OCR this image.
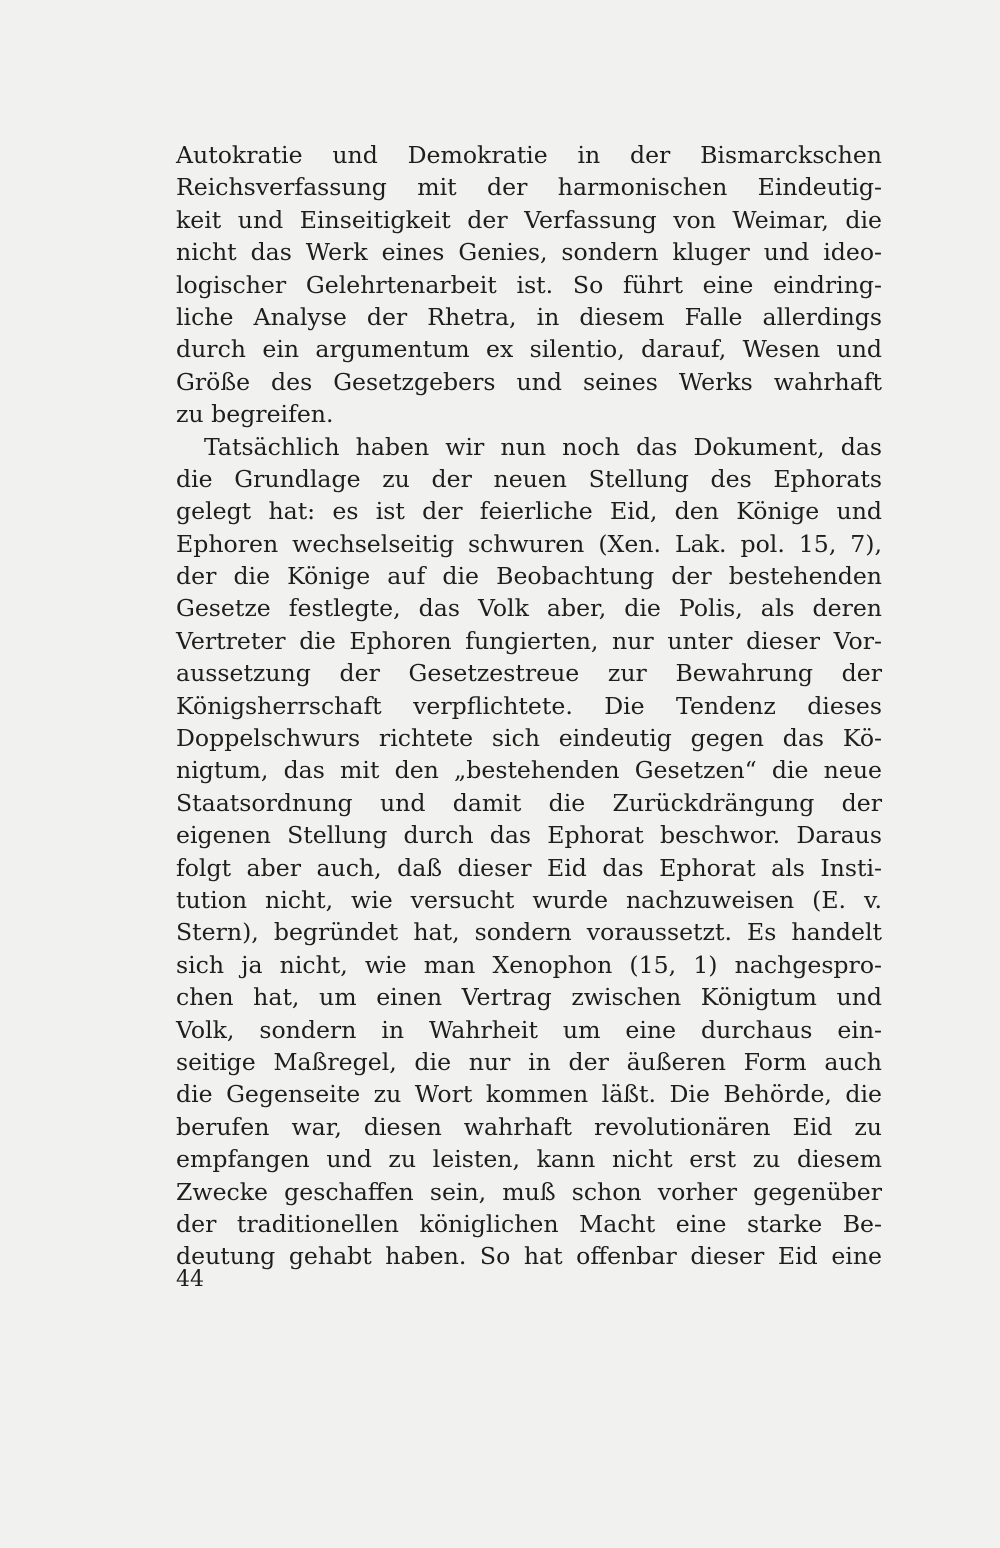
Autokratie und Demokratie in der Bismarckschen
Reichsverfassung mit der harmonischen Eindeutig-
keit und Einseitigkeit der Verfassung von Weimar, die
nicht das Werk eines Genies, sondern kluger und ideo-
logischer Gelehrtenarbeit ist. So führt eine eindring-
liche Analyse der Rhetra, in diesem Falle allerdings
durch ein argumentum ex silentio, darauf, Wesen und
Größe des Gesetzgebers und seines Werks wahrhaft
zu begreifen.
Tatsächlich haben wir nun noch das Dokument, das
die Grundlage zu der neuen Stellung des Ephorats
gelegt hat: es ist der feierliche Eid, den Könige und
Ephoren wechselseitig schwuren (Xen. Lak. pol. 15, 7),
der die Könige auf die Beobachtung der bestehenden
Gesetze festlegte, das Volk aber, die Polis, als deren
Vertreter die Ephoren fungierten, nur unter dieser Vor-
aussetzung der Gesetzestreue zur Bewahrung der
Königsherrschaft verpflichtete. Die Tendenz dieses
Doppelschwurs richtete sich eindeutig gegen das Kö-
nigtum, das mit den „bestehenden Gesetzen“ die neue
Staatsordnung und damit die Zurückdrängung der
eigenen Stellung durch das Ephorat beschwor. Daraus
folgt aber auch, daß dieser Eid das Ephorat als Insti-
tution nicht, wie versucht wurde nachzuweisen (E. v.
Stern), begründet hat, sondern voraussetzt. Es handelt
sich ja nicht, wie man Xenophon (15, 1) nachgespro-
chen hat, um einen Vertrag zwischen Königtum und
Volk, sondern in Wahrheit um eine durchaus ein-
seitige Maßregel, die nur in der äußeren Form auch
die Gegenseite zu Wort kommen läßt. Die Behörde, die
berufen war, diesen wahrhaft revolutionären Eid zu
empfangen und zu leisten, kann nicht erst zu diesem
Zwecke geschaffen sein, muß schon vorher gegenüber
der traditionellen königlichen Macht eine starke Be-
deutung gehabt haben. So hat offenbar dieser Eid eine
44
